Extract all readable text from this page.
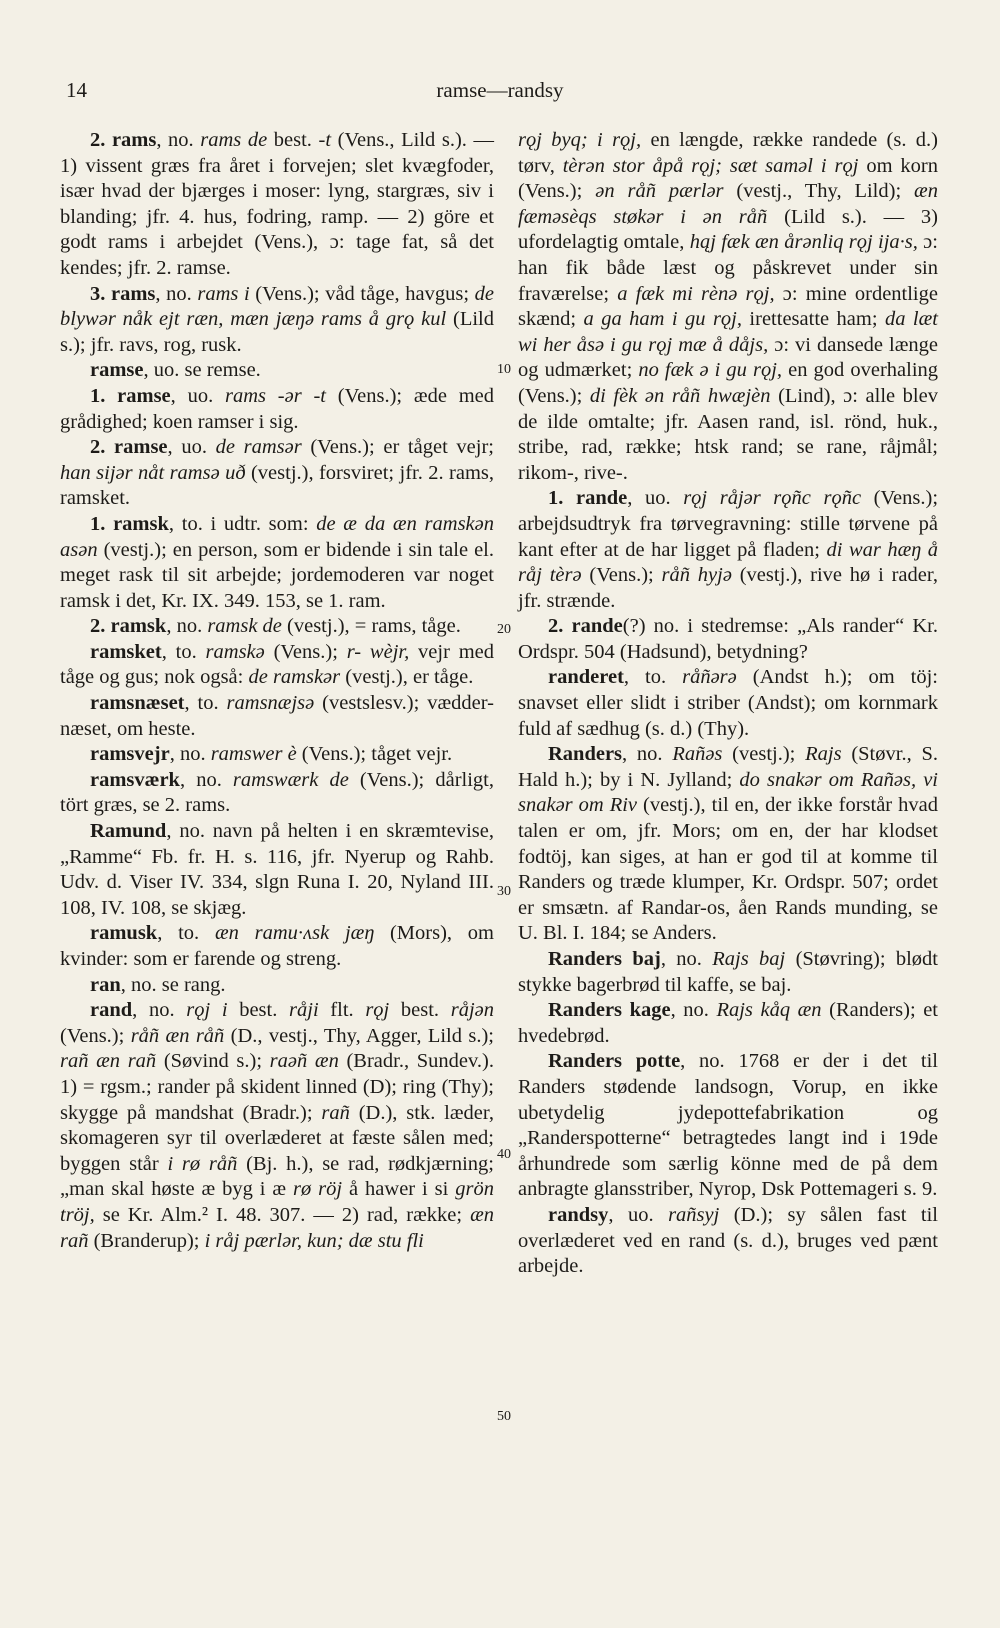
14	ramse—randsy

2. rams, no. rams de best. -t (Vens., Lild s.). — 1) vissent græs fra året i forvejen; slet kvægfoder, især hvad der bjærges i moser: lyng, stargræs, siv i blanding; jfr. 4. hus, fodring, ramp. — 2) göre et godt rams i arbejdet (Vens.), ɔ: tage fat, så det kendes; jfr. 2. ramse.

3. rams, no. rams i (Vens.); våd tåge, havgus; de blywər nåk ejt ræn, mæn jæŋə rams å grǫ kul (Lild s.); jfr. ravs, rog, rusk.

ramse, uo. se remse.

1. ramse, uo. rams -ər -t (Vens.); æde med grådighed; koen ramser i sig.

2. ramse, uo. de ramsər (Vens.); er tåget vejr; han sijər nåt ramsə uð (vestj.), forsviret; jfr. 2. rams, ramsket.

1. ramsk, to. i udtr. som: de æ da æn ramskən asən (vestj.); en person, som er bidende i sin tale el. meget rask til sit arbejde; jordemoderen var noget ramsk i det, Kr. IX. 349. 153, se 1. ram.

2. ramsk, no. ramsk de (vestj.), = rams, tåge.

ramsket, to. ramskə (Vens.); r- wèjr, vejr med tåge og gus; nok også: de ramskər (vestj.), er tåge.

ramsnæset, to. ramsnæjsə (vestslesv.); vædder-næset, om heste.

ramsvejr, no. ramswer è (Vens.); tåget vejr.

ramsværk, no. ramswærk de (Vens.); dårligt, tört græs, se 2. rams.

Ramund, no. navn på helten i en skræmtevise, „Ramme“ Fb. fr. H. s. 116, jfr. Nyerup og Rahb. Udv. d. Viser IV. 334, slgn Runa I. 20, Nyland III. 108, IV. 108, se skjæg.

ramusk, to. æn ramu·ʌsk jæŋ (Mors), om kvinder: som er farende og streng.

ran, no. se rang.

rand, no. rǫj i best. råji flt. rǫj best. råjən (Vens.); råñ æn råñ (D., vestj., Thy, Agger, Lild s.); rañ æn rañ (Søvind s.); raəñ æn (Bradr., Sundev.). 1) = rgsm.; rander på skident linned (D); ring (Thy); skygge på mandshat (Bradr.); rañ (D.), stk. læder, skomageren syr til overlæderet at fæste sålen med; byggen står i rø råñ (Bj. h.), se rad, rødkjærning; „man skal høste æ byg i æ rø röj å hawer i si grön tröj, se Kr. Alm.² I. 48. 307. — 2) rad, række; æn rañ (Branderup); i råj pærlər, kun; dæ stu fli

rǫj byq; i rǫj, en længde, række randede (s. d.) tørv, tèrən stor åpå rǫj; sæt saməl i rǫj om korn (Vens.); ən råñ pærlər (vestj., Thy, Lild); æn fæməsèqs støkər i ən råñ (Lild s.). — 3) ufordelagtig omtale, hąj fæk æn årənliq rǫj ija·s, ɔ: han fik både læst og påskrevet under sin fraværelse; a fæk mi rènə rǫj, ɔ: mine ordentlige skænd; a ga ham i gu rǫj, irettesatte ham; da læt wi her åsə i gu rǫj mæ å dåjs, ɔ: vi dansede længe og udmærket; no fæk ə i gu rǫj, en god overhaling (Vens.); di fèk ən råñ hwæjèn (Lind), ɔ: alle blev de ilde omtalte; jfr. Aasen rand, isl. rönd, huk., stribe, rad, række; htsk rand; se rane, råjmål; rikom-, rive-.

1. rande, uo. rǫj råjər rǫñc rǫñc (Vens.); arbejdsudtryk fra tørvegravning: stille tørvene på kant efter at de har ligget på fladen; di war hæŋ å råj tèrə (Vens.); råñ hyjə (vestj.), rive hø i rader, jfr. strænde.

2. rande(?) no. i stedremse: „Als rander“ Kr. Ordspr. 504 (Hadsund), betydning?

randeret, to. råñərə (Andst h.); om töj: snavset eller slidt i striber (Andst); om kornmark fuld af sædhug (s. d.) (Thy).

Randers, no. Rañəs (vestj.); Rajs (Støvr., S. Hald h.); by i N. Jylland; do snakər om Rañəs, vi snakər om Riv (vestj.), til en, der ikke forstår hvad talen er om, jfr. Mors; om en, der har klodset fodtöj, kan siges, at han er god til at komme til Randers og træde klumper, Kr. Ordspr. 507; ordet er smsætn. af Randar-os, åen Rands munding, se U. Bl. I. 184; se Anders.

Randers baj, no. Rajs baj (Støvring); blødt stykke bagerbrød til kaffe, se baj.

Randers kage, no. Rajs kåq æn (Randers); et hvedebrød.

Randers potte, no. 1768 er der i det til Randers stødende landsogn, Vorup, en ikke ubetydelig jydepottefabrikation og „Randerspotterne“ betragtedes langt ind i 19de århundrede som særlig könne med de på dem anbragte glansstriber, Nyrop, Dsk Pottemageri s. 9.

randsy, uo. rañsyj (D.); sy sålen fast til overlæderet ved en rand (s. d.), bruges ved pænt arbejde.

10
20
30
40
50
